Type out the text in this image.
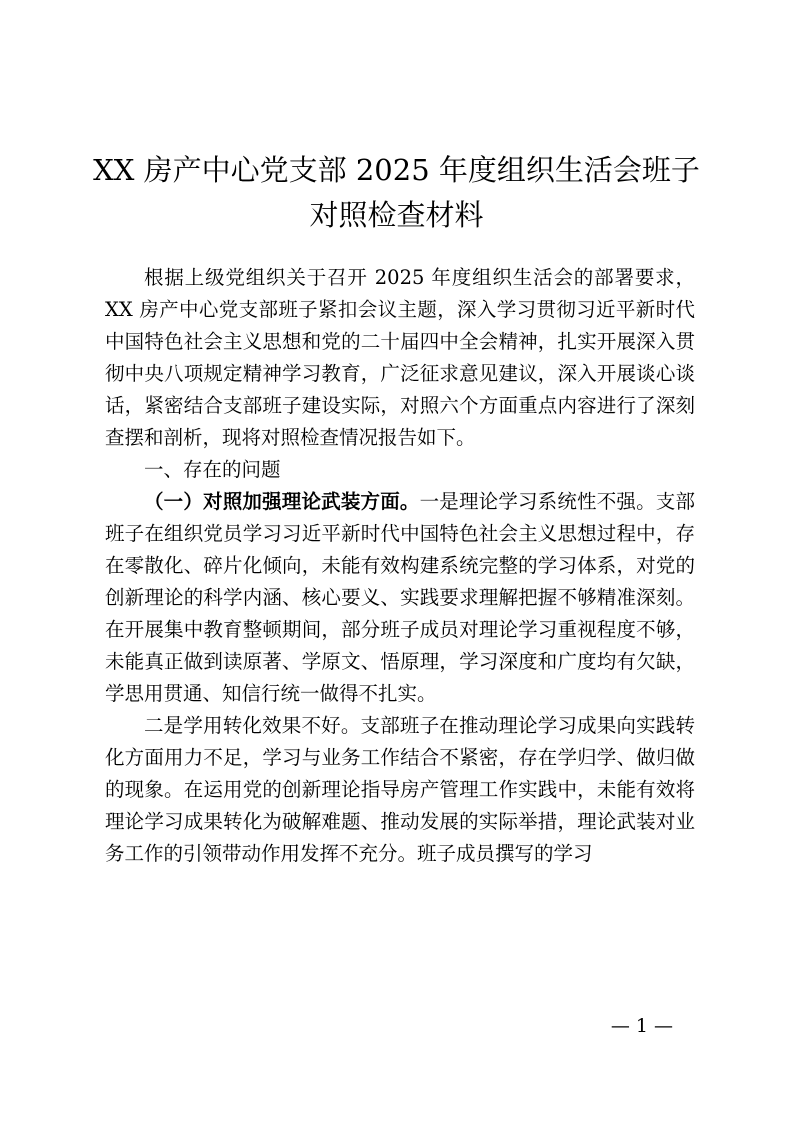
XX 房产中心党支部 2025 年度组织生活会班子
对照检查材料

根据上级党组织关于召开 2025 年度组织生活会的部署要求，XX 房产中心党支部班子紧扣会议主题，深入学习贯彻习近平新时代中国特色社会主义思想和党的二十届四中全会精神，扎实开展深入贯彻中央八项规定精神学习教育，广泛征求意见建议，深入开展谈心谈话，紧密结合支部班子建设实际，对照六个方面重点内容进行了深刻查摆和剖析，现将对照检查情况报告如下。

一、存在的问题

（一）对照加强理论武装方面。一是理论学习系统性不强。支部班子在组织党员学习习近平新时代中国特色社会主义思想过程中，存在零散化、碎片化倾向，未能有效构建系统完整的学习体系，对党的创新理论的科学内涵、核心要义、实践要求理解把握不够精准深刻。在开展集中教育整顿期间，部分班子成员对理论学习重视程度不够，未能真正做到读原著、学原文、悟原理，学习深度和广度均有欠缺，学思用贯通、知信行统一做得不扎实。

二是学用转化效果不好。支部班子在推动理论学习成果向实践转化方面用力不足，学习与业务工作结合不紧密，存在学归学、做归做的现象。在运用党的创新理论指导房产管理工作实践中，未能有效将理论学习成果转化为破解难题、推动发展的实际举措，理论武装对业务工作的引领带动作用发挥不充分。班子成员撰写的学习

— 1 —
